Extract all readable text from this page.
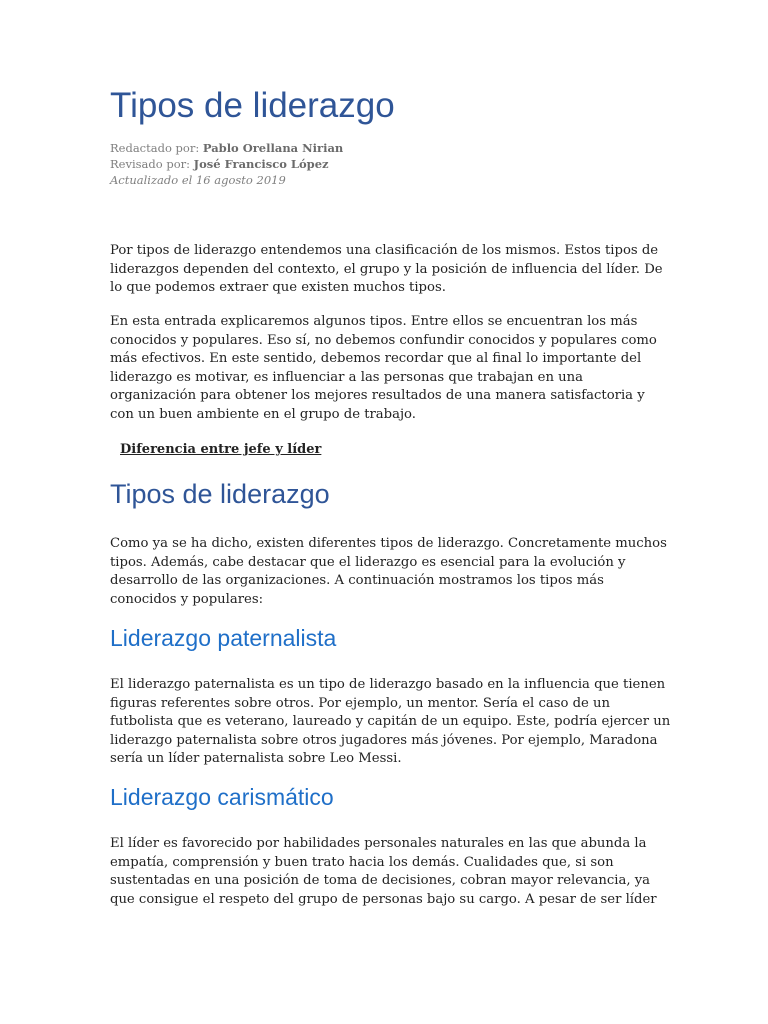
Tipos de liderazgo
Redactado por: Pablo Orellana Nirian
Revisado por: José Francisco López
Actualizado el 16 agosto 2019
Por tipos de liderazgo entendemos una clasificación de los mismos. Estos tipos de
liderazgos dependen del contexto, el grupo y la posición de influencia del líder. De
lo que podemos extraer que existen muchos tipos.
En esta entrada explicaremos algunos tipos. Entre ellos se encuentran los más
conocidos y populares. Eso sí, no debemos confundir conocidos y populares como
más efectivos. En este sentido, debemos recordar que al final lo importante del
liderazgo es motivar, es influenciar a las personas que trabajan en una
organización para obtener los mejores resultados de una manera satisfactoria y
con un buen ambiente en el grupo de trabajo.
Diferencia entre jefe y líder
Tipos de liderazgo
Como ya se ha dicho, existen diferentes tipos de liderazgo. Concretamente muchos
tipos. Además, cabe destacar que el liderazgo es esencial para la evolución y
desarrollo de las organizaciones. A continuación mostramos los tipos más
conocidos y populares:
Liderazgo paternalista
El liderazgo paternalista es un tipo de liderazgo basado en la influencia que tienen
figuras referentes sobre otros. Por ejemplo, un mentor. Sería el caso de un
futbolista que es veterano, laureado y capitán de un equipo. Este, podría ejercer un
liderazgo paternalista sobre otros jugadores más jóvenes. Por ejemplo, Maradona
sería un líder paternalista sobre Leo Messi.
Liderazgo carismático
El líder es favorecido por habilidades personales naturales en las que abunda la
empatía, comprensión y buen trato hacia los demás. Cualidades que, si son
sustentadas en una posición de toma de decisiones, cobran mayor relevancia, ya
que consigue el respeto del grupo de personas bajo su cargo. A pesar de ser líder
